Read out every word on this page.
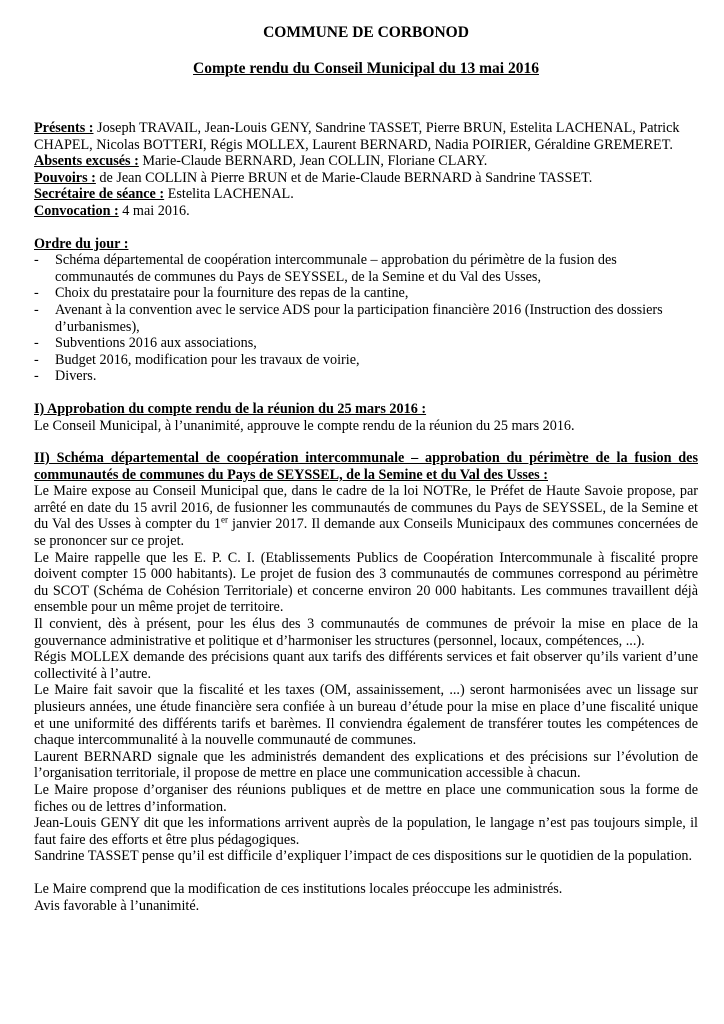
COMMUNE DE CORBONOD

Compte rendu du Conseil Municipal du 13 mai 2016

Présents : Joseph TRAVAIL, Jean-Louis GENY, Sandrine TASSET, Pierre BRUN, Estelita LACHENAL, Patrick CHAPEL, Nicolas BOTTERI, Régis MOLLEX, Laurent BERNARD, Nadia POIRIER, Géraldine GREMERET.

Absents excusés : Marie-Claude BERNARD, Jean COLLIN, Floriane CLARY.

Pouvoirs : de Jean COLLIN à Pierre BRUN et de Marie-Claude BERNARD à Sandrine TASSET.

Secrétaire de séance : Estelita LACHENAL.

Convocation : 4 mai 2016.

Ordre du jour :

- Schéma départemental de coopération intercommunale – approbation du périmètre de la fusion des communautés de communes du Pays de SEYSSEL, de la Semine et du Val des Usses,
- Choix du prestataire pour la fourniture des repas de la cantine,
- Avenant à la convention avec le service ADS pour la participation financière 2016 (Instruction des dossiers d’urbanismes),
- Subventions 2016 aux associations,
- Budget 2016, modification pour les travaux de voirie,
- Divers.

I) Approbation du compte rendu de la réunion du 25 mars 2016 :

Le Conseil Municipal, à l’unanimité, approuve le compte rendu de la réunion du 25 mars 2016.

II) Schéma départemental de coopération intercommunale – approbation du périmètre de la fusion des communautés de communes du Pays de SEYSSEL, de la Semine et du Val des Usses :

Le Maire expose au Conseil Municipal que, dans le cadre de la loi NOTRe, le Préfet de Haute Savoie propose, par arrêté en date du 15 avril 2016, de fusionner les communautés de communes du Pays de SEYSSEL, de la Semine et du Val des Usses à compter du 1er janvier 2017. Il demande aux Conseils Municipaux des communes concernées de se prononcer sur ce projet.

Le Maire rappelle que les E. P. C. I. (Etablissements Publics de Coopération Intercommunale à fiscalité propre doivent compter 15 000 habitants). Le projet de fusion des 3 communautés de communes correspond au périmètre du SCOT (Schéma de Cohésion Territoriale) et concerne environ 20 000 habitants. Les communes travaillent déjà ensemble pour un même projet de territoire.

Il convient, dès à présent, pour les élus des 3 communautés de communes de prévoir la mise en place de la gouvernance administrative et politique et d’harmoniser les structures (personnel, locaux, compétences, ...).

Régis MOLLEX demande des précisions quant aux tarifs des différents services et fait observer qu’ils varient d’une collectivité à l’autre.

Le Maire fait savoir que la fiscalité et les taxes (OM, assainissement, ...) seront harmonisées avec un lissage sur plusieurs années, une étude financière sera confiée à un bureau d’étude pour la mise en place d’une fiscalité unique et une uniformité des différents tarifs et barèmes. Il conviendra également de transférer toutes les compétences de chaque intercommunalité à la nouvelle communauté de communes.

Laurent BERNARD signale que les administrés demandent des explications et des précisions sur l’évolution de l’organisation territoriale, il propose de mettre en place une communication accessible à chacun.

Le Maire propose d’organiser des réunions publiques et de mettre en place une communication sous la forme de fiches ou de lettres d’information.

Jean-Louis GENY dit que les informations arrivent auprès de la population, le langage n’est pas toujours simple, il faut faire des efforts et être plus pédagogiques.

Sandrine TASSET pense qu’il est difficile d’expliquer l’impact de ces dispositions sur le quotidien de la population.

Le Maire comprend que la modification de ces institutions locales préoccupe les administrés.

Avis favorable à l’unanimité.
